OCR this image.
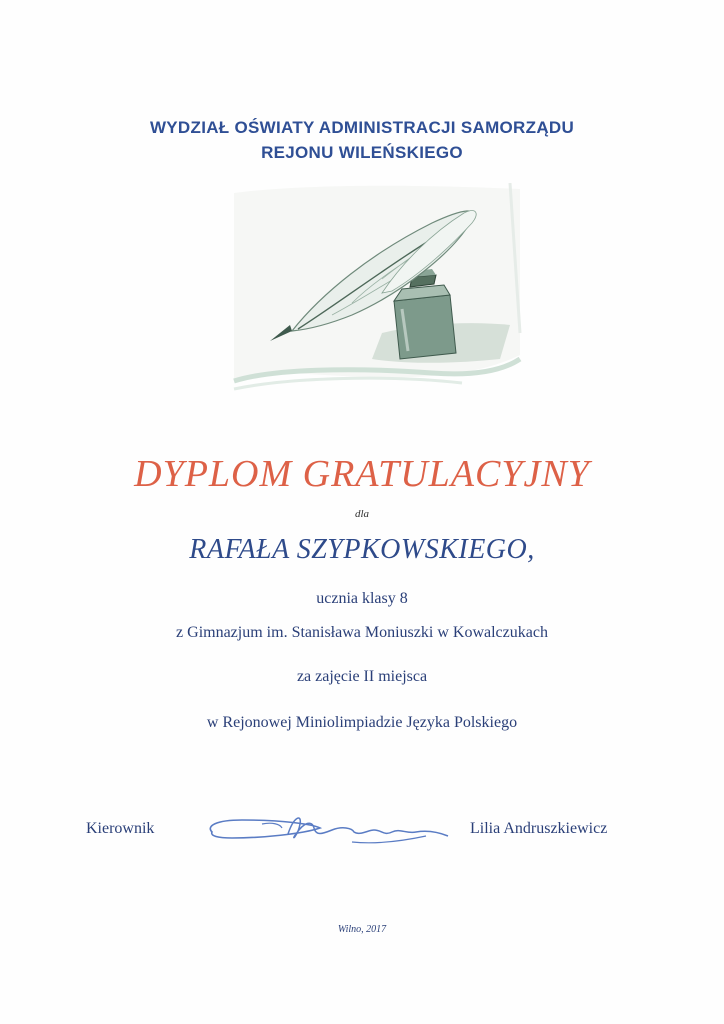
WYDZIAŁ OŚWIATY ADMINISTRACJI SAMORZĄDU
REJONU WILEŃSKIEGO
DYPLOM GRATULACYJNY
dla
RAFAŁA SZYPKOWSKIEGO,
ucznia klasy 8
z Gimnazjum im. Stanisława Moniuszki w Kowalczukach
za zajęcie II miejsca
w Rejonowej Miniolimpiadzie Języka Polskiego
Kierownik	Lilia Andruszkiewicz
Wilno, 2017
